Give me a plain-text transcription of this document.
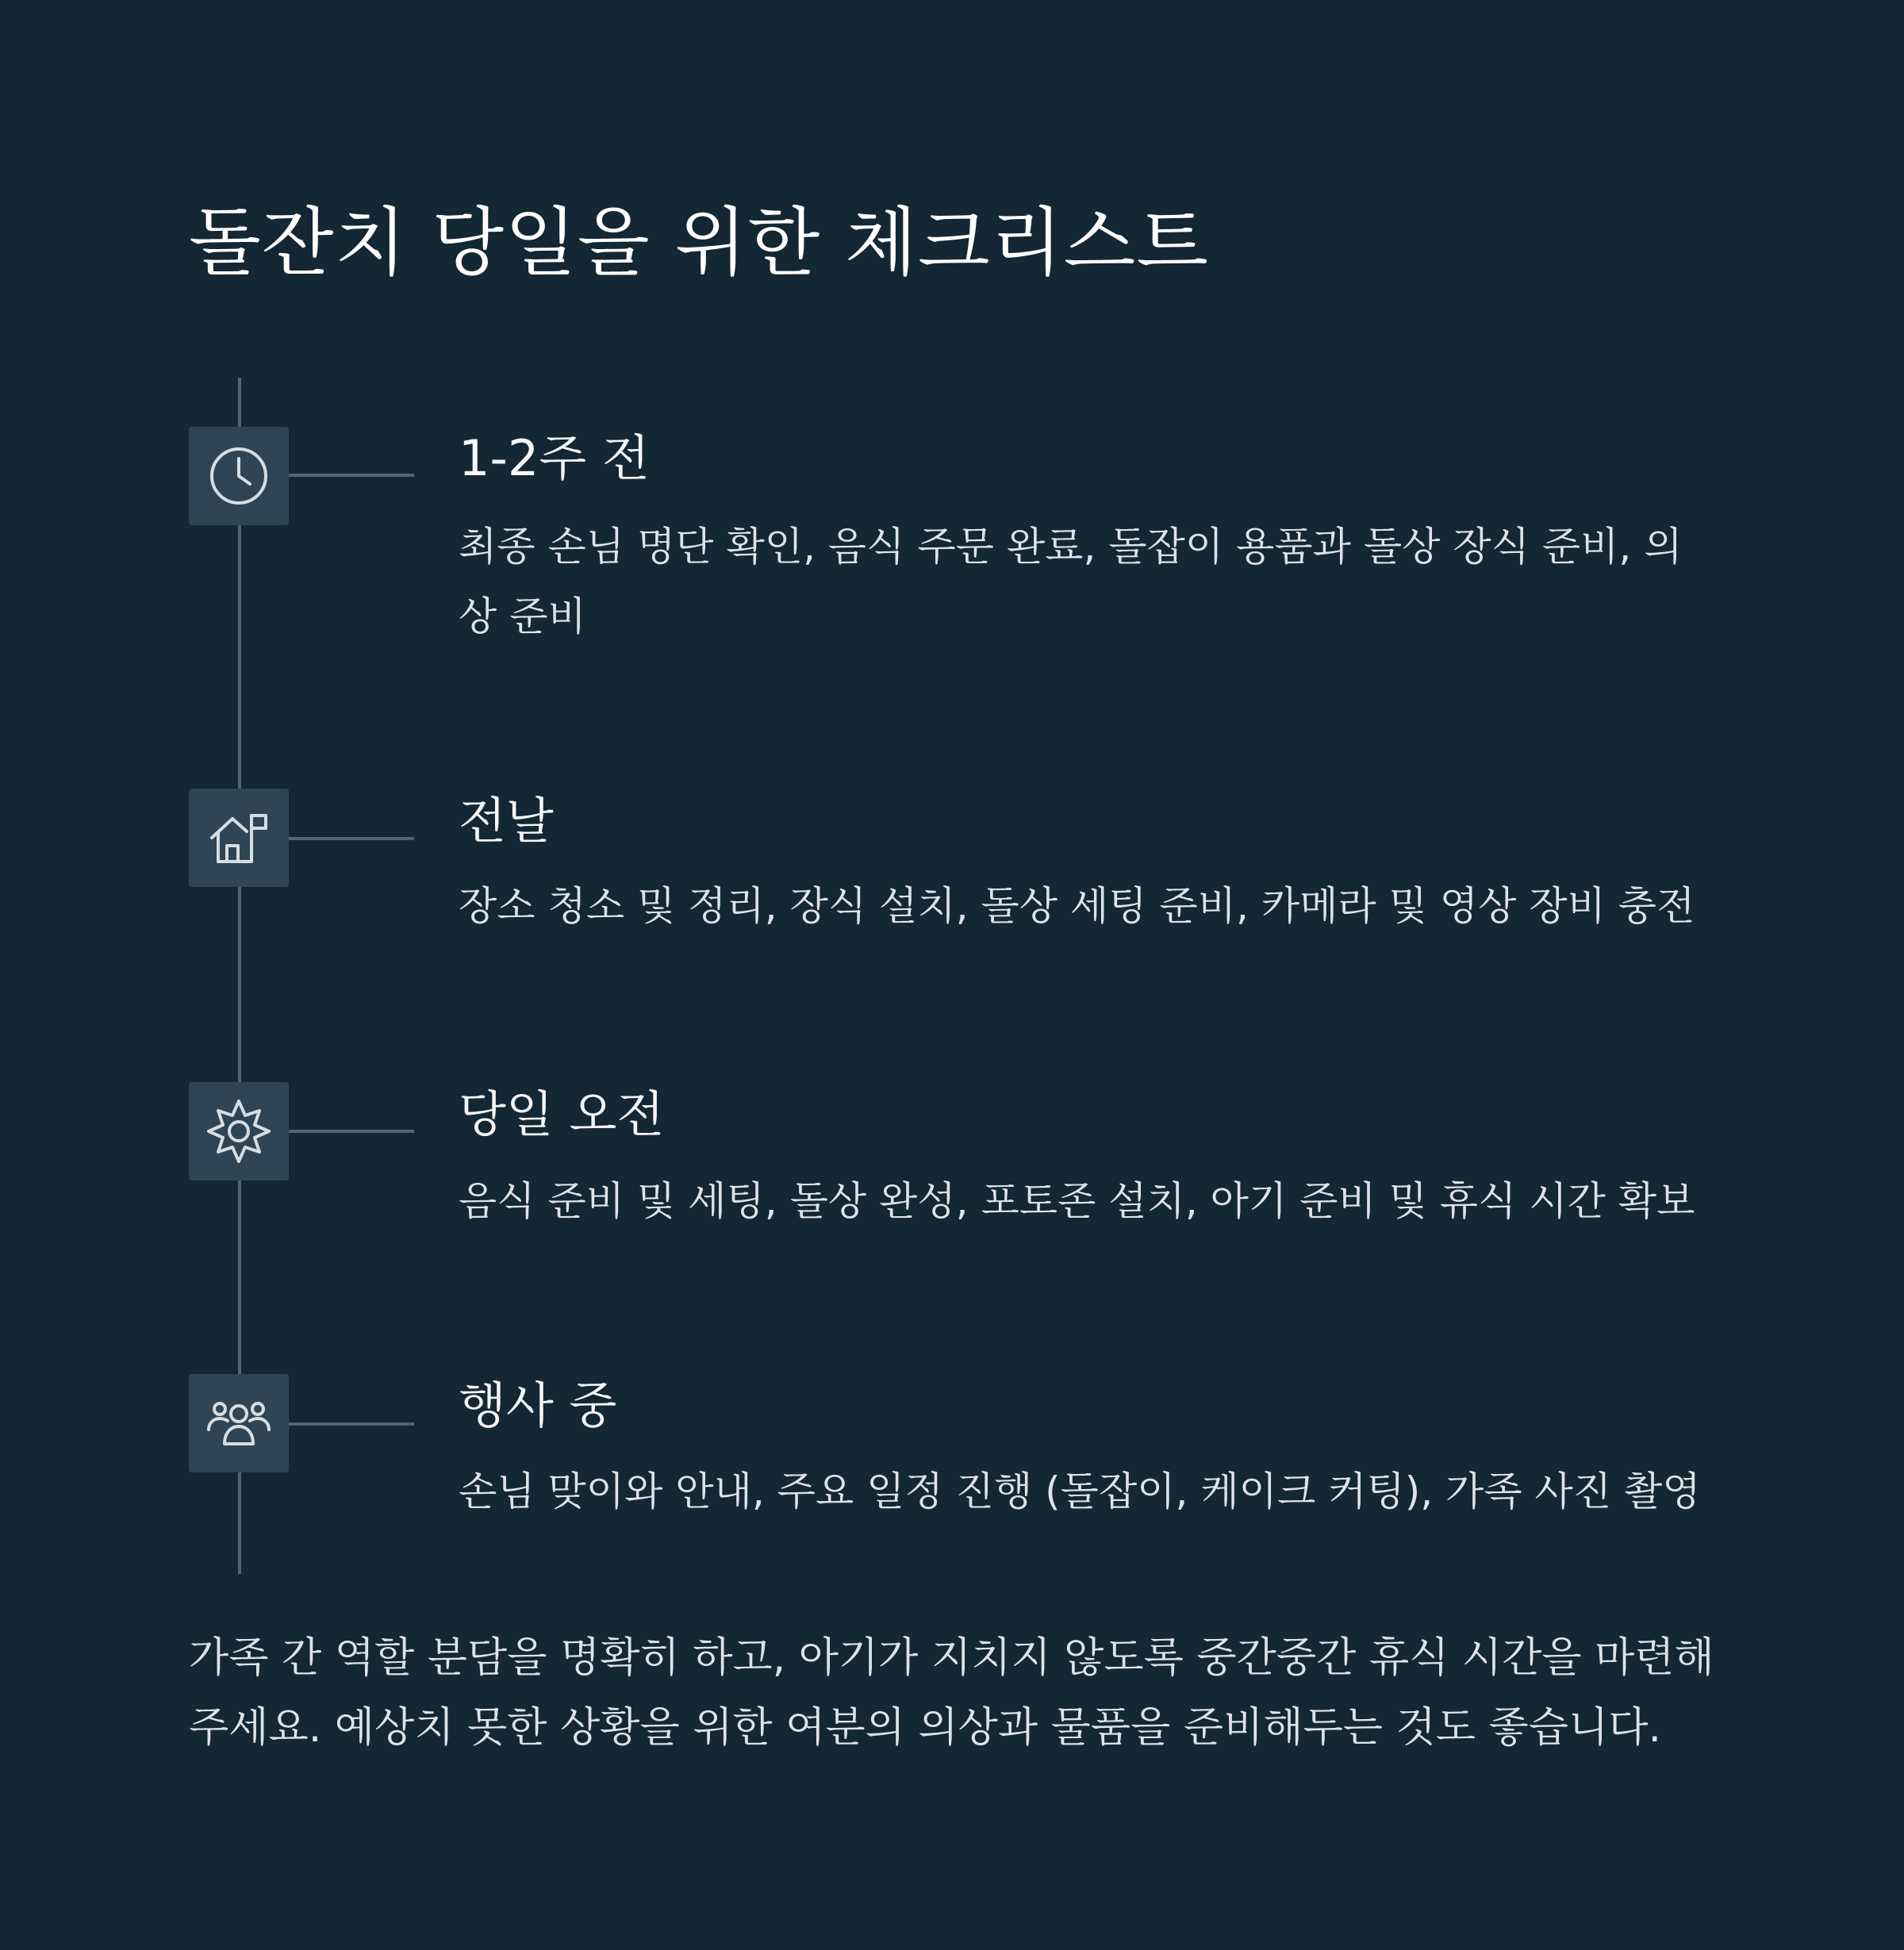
돌잔치 당일을 위한 체크리스트
1-2주 전
최종 손님 명단 확인, 음식 주문 완료, 돌잡이 용품과 돌상 장식 준비, 의상 준비
전날
장소 청소 및 정리, 장식 설치, 돌상 세팅 준비, 카메라 및 영상 장비 충전
당일 오전
음식 준비 및 세팅, 돌상 완성, 포토존 설치, 아기 준비 및 휴식 시간 확보
행사 중
손님 맞이와 안내, 주요 일정 진행 (돌잡이, 케이크 커팅), 가족 사진 촬영
가족 간 역할 분담을 명확히 하고, 아기가 지치지 않도록 중간중간 휴식 시간을 마련해주세요. 예상치 못한 상황을 위한 여분의 의상과 물품을 준비해두는 것도 좋습니다.
